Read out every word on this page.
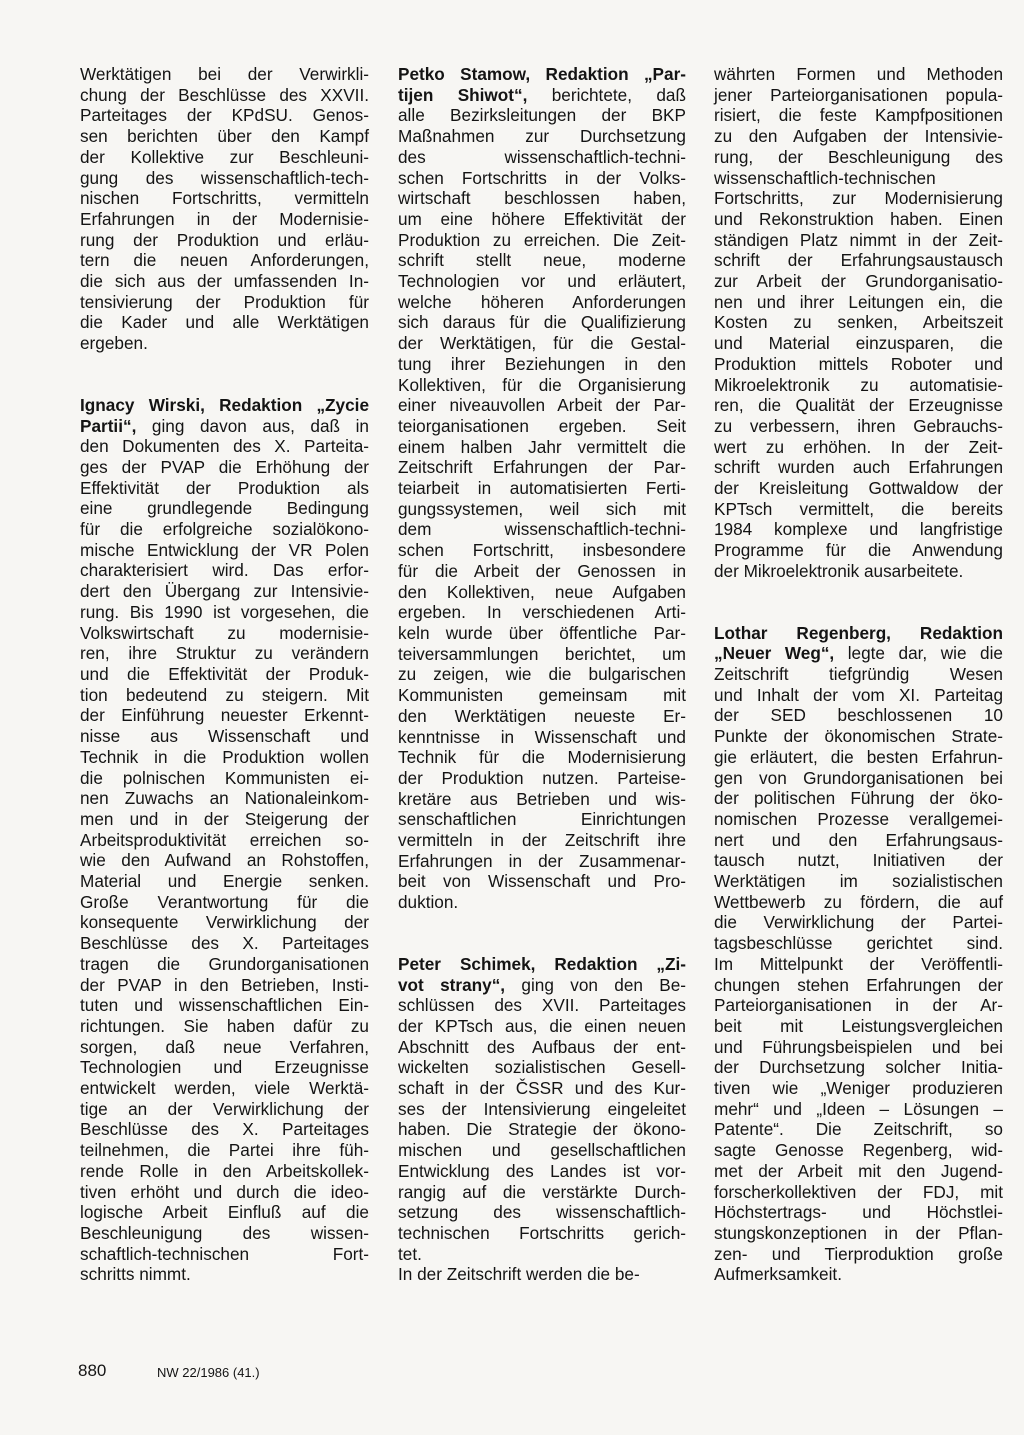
Werktätigen bei der Verwirkli-
chung der Beschlüsse des XXVII.
Parteitages der KPdSU. Genos-
sen berichten über den Kampf
der Kollektive zur Beschleuni-
gung des wissenschaftlich-tech-
nischen Fortschritts, vermitteln
Erfahrungen in der Modernisie-
rung der Produktion und erläu-
tern die neuen Anforderungen,
die sich aus der umfassenden In-
tensivierung der Produktion für
die Kader und alle Werktätigen
ergeben.

Ignacy Wirski, Redaktion „Zycie
Partii“, ging davon aus, daß in
den Dokumenten des X. Parteita-
ges der PVAP die Erhöhung der
Effektivität der Produktion als
eine grundlegende Bedingung
für die erfolgreiche sozialökono-
mische Entwicklung der VR Polen
charakterisiert wird. Das erfor-
dert den Übergang zur Intensivie-
rung. Bis 1990 ist vorgesehen, die
Volkswirtschaft zu modernisie-
ren, ihre Struktur zu verändern
und die Effektivität der Produk-
tion bedeutend zu steigern. Mit
der Einführung neuester Erkennt-
nisse aus Wissenschaft und
Technik in die Produktion wollen
die polnischen Kommunisten ei-
nen Zuwachs an Nationaleinkom-
men und in der Steigerung der
Arbeitsproduktivität erreichen so-
wie den Aufwand an Rohstoffen,
Material und Energie senken.
Große Verantwortung für die
konsequente Verwirklichung der
Beschlüsse des X. Parteitages
tragen die Grundorganisationen
der PVAP in den Betrieben, Insti-
tuten und wissenschaftlichen Ein-
richtungen. Sie haben dafür zu
sorgen, daß neue Verfahren,
Technologien und Erzeugnisse
entwickelt werden, viele Werktä-
tige an der Verwirklichung der
Beschlüsse des X. Parteitages
teilnehmen, die Partei ihre füh-
rende Rolle in den Arbeitskollek-
tiven erhöht und durch die ideo-
logische Arbeit Einfluß auf die
Beschleunigung des wissen-
schaftlich-technischen Fort-
schritts nimmt.

Petko Stamow, Redaktion „Par-
tijen Shiwot“, berichtete, daß
alle Bezirksleitungen der BKP
Maßnahmen zur Durchsetzung
des wissenschaftlich-techni-
schen Fortschritts in der Volks-
wirtschaft beschlossen haben,
um eine höhere Effektivität der
Produktion zu erreichen. Die Zeit-
schrift stellt neue, moderne
Technologien vor und erläutert,
welche höheren Anforderungen
sich daraus für die Qualifizierung
der Werktätigen, für die Gestal-
tung ihrer Beziehungen in den
Kollektiven, für die Organisierung
einer niveauvollen Arbeit der Par-
teiorganisationen ergeben. Seit
einem halben Jahr vermittelt die
Zeitschrift Erfahrungen der Par-
teiarbeit in automatisierten Ferti-
gungssystemen, weil sich mit
dem wissenschaftlich-techni-
schen Fortschritt, insbesondere
für die Arbeit der Genossen in
den Kollektiven, neue Aufgaben
ergeben. In verschiedenen Arti-
keln wurde über öffentliche Par-
teiversammlungen berichtet, um
zu zeigen, wie die bulgarischen
Kommunisten gemeinsam mit
den Werktätigen neueste Er-
kenntnisse in Wissenschaft und
Technik für die Modernisierung
der Produktion nutzen. Parteise-
kretäre aus Betrieben und wis-
senschaftlichen Einrichtungen
vermitteln in der Zeitschrift ihre
Erfahrungen in der Zusammenar-
beit von Wissenschaft und Pro-
duktion.

Peter Schimek, Redaktion „Zi-
vot strany“, ging von den Be-
schlüssen des XVII. Parteitages
der KPTsch aus, die einen neuen
Abschnitt des Aufbaus der ent-
wickelten sozialistischen Gesell-
schaft in der ČSSR und des Kur-
ses der Intensivierung eingeleitet
haben. Die Strategie der ökono-
mischen und gesellschaftlichen
Entwicklung des Landes ist vor-
rangig auf die verstärkte Durch-
setzung des wissenschaftlich-
technischen Fortschritts gerich-
tet.
In der Zeitschrift werden die be-

währten Formen und Methoden
jener Parteiorganisationen popula-
risiert, die feste Kampfpositionen
zu den Aufgaben der Intensivie-
rung, der Beschleunigung des
wissenschaftlich-technischen
Fortschritts, zur Modernisierung
und Rekonstruktion haben. Einen
ständigen Platz nimmt in der Zeit-
schrift der Erfahrungsaustausch
zur Arbeit der Grundorganisatio-
nen und ihrer Leitungen ein, die
Kosten zu senken, Arbeitszeit
und Material einzusparen, die
Produktion mittels Roboter und
Mikroelektronik zu automatisie-
ren, die Qualität der Erzeugnisse
zu verbessern, ihren Gebrauchs-
wert zu erhöhen. In der Zeit-
schrift wurden auch Erfahrungen
der Kreisleitung Gottwaldow der
KPTsch vermittelt, die bereits
1984 komplexe und langfristige
Programme für die Anwendung
der Mikroelektronik ausarbeitete.

Lothar Regenberg, Redaktion
„Neuer Weg“, legte dar, wie die
Zeitschrift tiefgründig Wesen
und Inhalt der vom XI. Parteitag
der SED beschlossenen 10
Punkte der ökonomischen Strate-
gie erläutert, die besten Erfahrun-
gen von Grundorganisationen bei
der politischen Führung der öko-
nomischen Prozesse verallgemei-
nert und den Erfahrungsaus-
tausch nutzt, Initiativen der
Werktätigen im sozialistischen
Wettbewerb zu fördern, die auf
die Verwirklichung der Partei-
tagsbeschlüsse gerichtet sind.
Im Mittelpunkt der Veröffentli-
chungen stehen Erfahrungen der
Parteiorganisationen in der Ar-
beit mit Leistungsvergleichen
und Führungsbeispielen und bei
der Durchsetzung solcher Initia-
tiven wie „Weniger produzieren
mehr“ und „Ideen – Lösungen –
Patente“. Die Zeitschrift, so
sagte Genosse Regenberg, wid-
met der Arbeit mit den Jugend-
forscherkollektiven der FDJ, mit
Höchstertrags- und Höchstlei-
stungskonzeptionen in der Pflan-
zen- und Tierproduktion große
Aufmerksamkeit.

880	NW 22/1986 (41.)
